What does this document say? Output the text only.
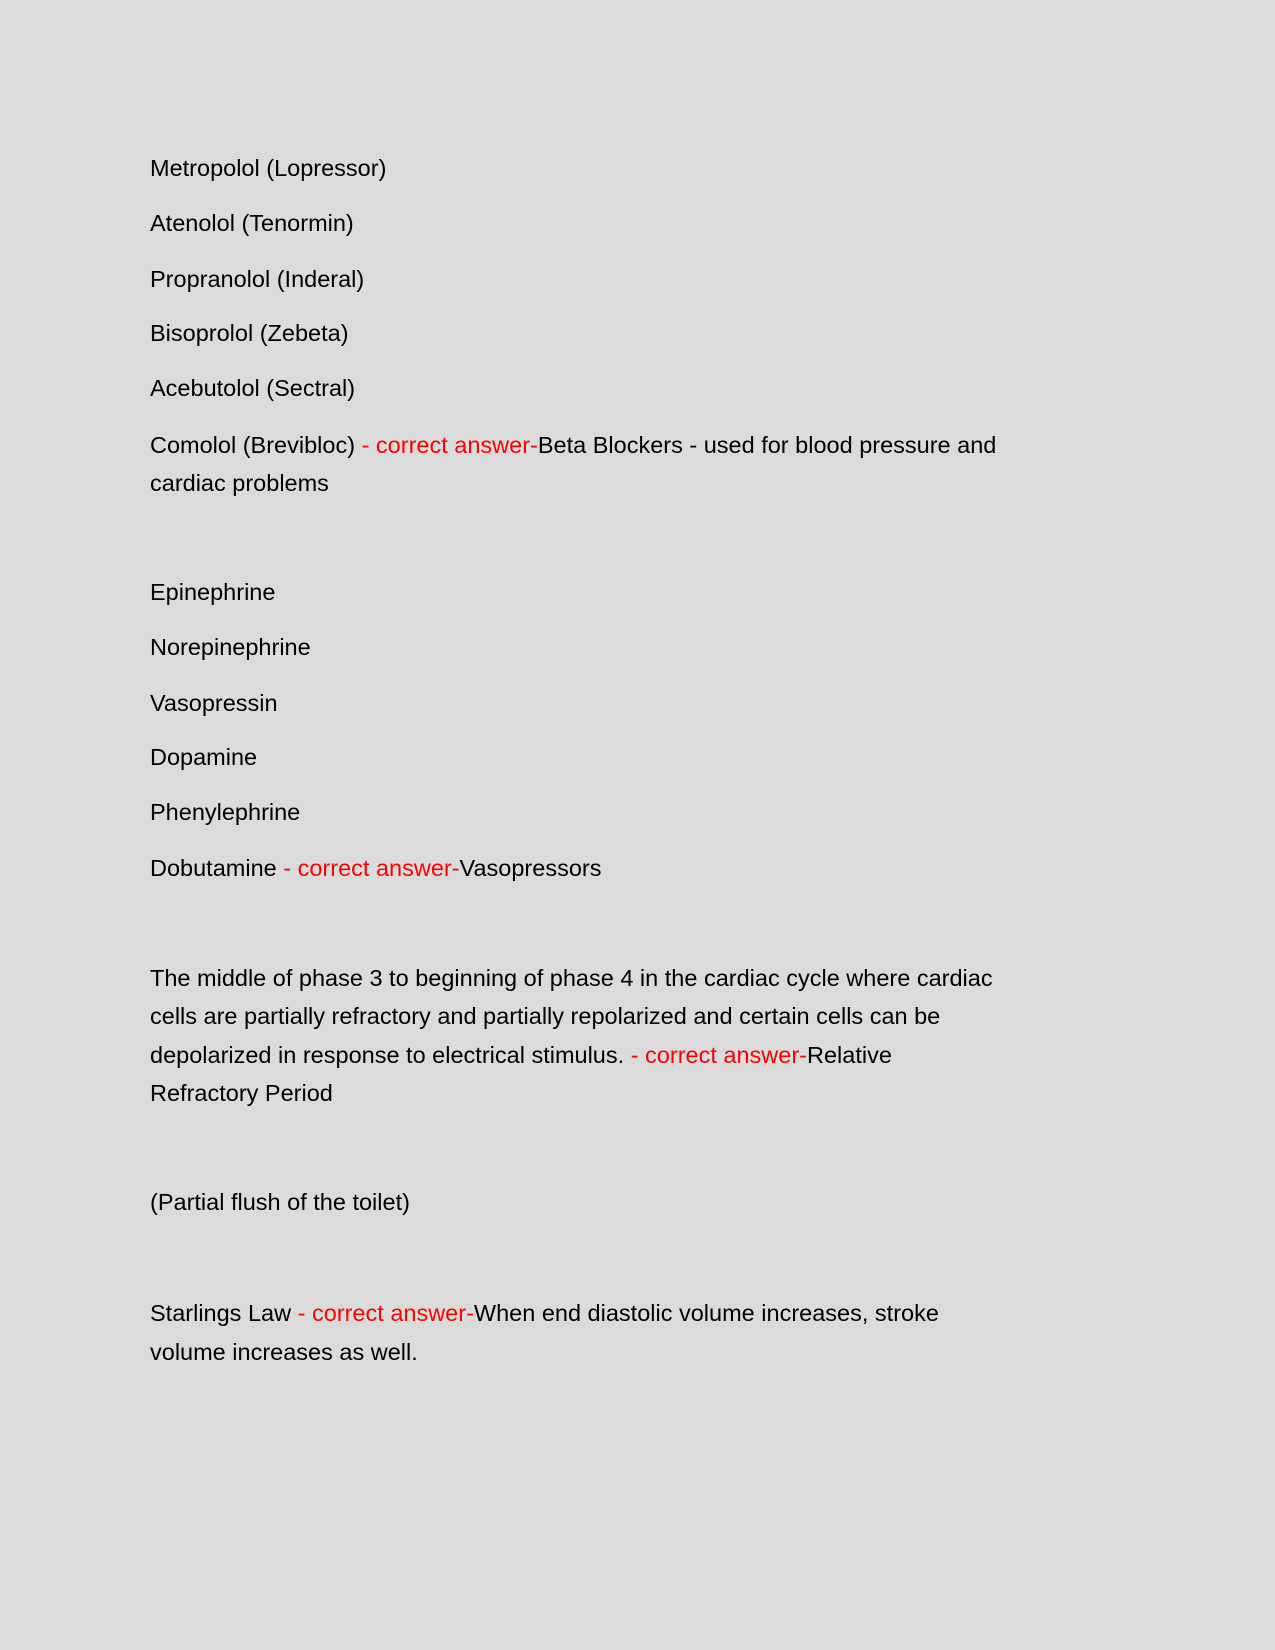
Metropolol (Lopressor)
Atenolol (Tenormin)
Propranolol (Inderal)
Bisoprolol (Zebeta)
Acebutolol (Sectral)
Comolol (Brevibloc) - correct answer-Beta Blockers - used for blood pressure and
cardiac problems
Epinephrine
Norepinephrine
Vasopressin
Dopamine
Phenylephrine
Dobutamine - correct answer-Vasopressors
The middle of phase 3 to beginning of phase 4 in the cardiac cycle where cardiac
cells are partially refractory and partially repolarized and certain cells can be
depolarized in response to electrical stimulus. - correct answer-Relative
Refractory Period
(Partial flush of the toilet)
Starlings Law - correct answer-When end diastolic volume increases, stroke
volume increases as well.
